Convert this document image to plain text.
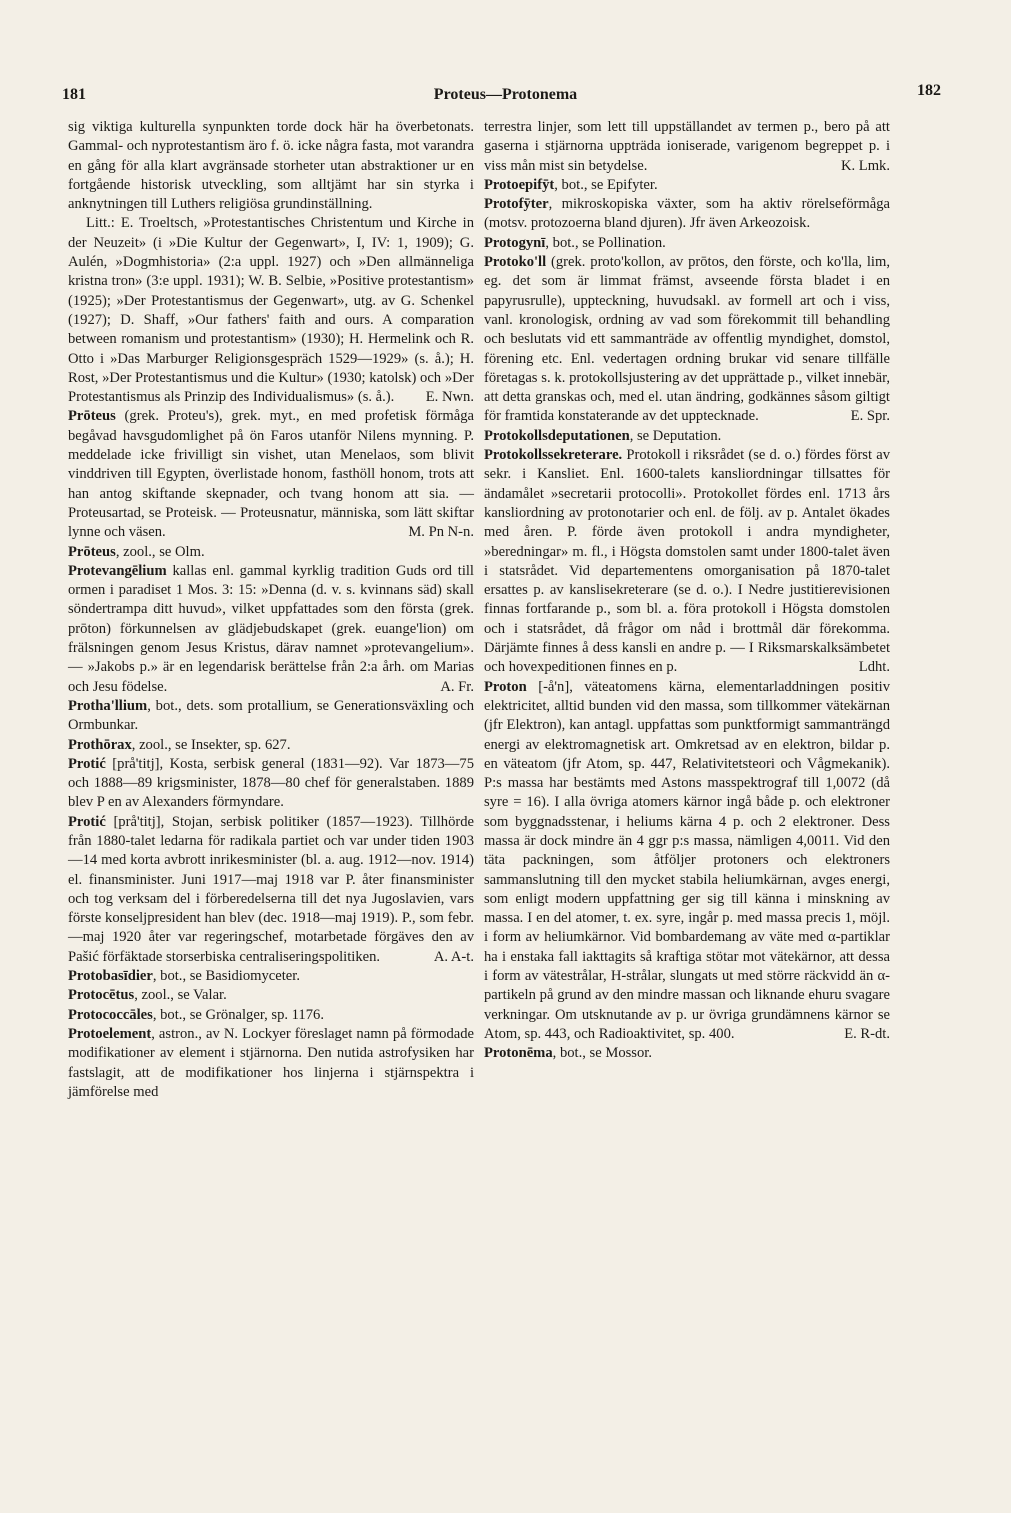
181	Proteus—Protonema	182

sig viktiga kulturella synpunkten torde dock här ha överbetonats. Gammal- och nyprotestantism äro f. ö. icke några fasta, mot varandra en gång för alla klart avgränsade storheter utan abstraktioner ur en fortgående historisk utveckling, som alltjämt har sin styrka i anknytningen till Luthers religiösa grundinställning.

Litt.: E. Troeltsch, »Protestantisches Christentum und Kirche in der Neuzeit» (i »Die Kultur der Gegenwart», I, IV: 1, 1909); G. Aulén, »Dogmhistoria» (2:a uppl. 1927) och »Den allmänneliga kristna tron» (3:e uppl. 1931); W. B. Selbie, »Positive protestantism» (1925); »Der Protestantismus der Gegenwart», utg. av G. Schenkel (1927); D. Shaff, »Our fathers' faith and ours. A comparation between romanism und protestantism» (1930); H. Hermelink och R. Otto i »Das Marburger Religionsgespräch 1529—1929» (s. å.); H. Rost, »Der Protestantismus und die Kultur» (1930; katolsk) och »Der Protestantismus als Prinzip des Individualismus» (s. å.).	E. Nwn.

Prōteus (grek. Proteu's), grek. myt., en med profetisk förmåga begåvad havsgudomlighet på ön Faros utanför Nilens mynning. P. meddelade icke frivilligt sin vishet, utan Menelaos, som blivit vinddriven till Egypten, överlistade honom, fasthöll honom, trots att han antog skiftande skepnader, och tvang honom att sia. — Proteusartad, se Proteisk. — Proteusnatur, människa, som lätt skiftar lynne och väsen.	M. Pn N-n.

Prōteus, zool., se Olm.

Protevangēlium kallas enl. gammal kyrklig tradition Guds ord till ormen i paradiset 1 Mos. 3: 15: »Denna (d. v. s. kvinnans säd) skall söndertrampa ditt huvud», vilket uppfattades som den första (grek. prōton) förkunnelsen av glädjebudskapet (grek. euange'lion) om frälsningen genom Jesus Kristus, därav namnet »protevangelium». — »Jakobs p.» är en legendarisk berättelse från 2:a årh. om Marias och Jesu födelse.	A. Fr.

Protha'llium, bot., dets. som protallium, se Generationsväxling och Ormbunkar.

Prothōrax, zool., se Insekter, sp. 627.

Protić [prå'titj], Kosta, serbisk general (1831—92). Var 1873—75 och 1888—89 krigsminister, 1878—80 chef för generalstaben. 1889 blev P en av Alexanders förmyndare.

Protić [prå'titj], Stojan, serbisk politiker (1857—1923). Tillhörde från 1880-talet ledarna för radikala partiet och var under tiden 1903—14 med korta avbrott inrikesminister (bl. a. aug. 1912—nov. 1914) el. finansminister. Juni 1917—maj 1918 var P. åter finansminister och tog verksam del i förberedelserna till det nya Jugoslavien, vars förste konseljpresident han blev (dec. 1918—maj 1919). P., som febr.—maj 1920 åter var regeringschef, motarbetade förgäves den av Pašić förfäktade storserbiska centraliseringspolitiken.	A. A-t.

Protobasīdier, bot., se Basidiomyceter.

Protocētus, zool., se Valar.

Protococcāles, bot., se Grönalger, sp. 1176.

Protoelement, astron., av N. Lockyer föreslaget namn på förmodade modifikationer av element i stjärnorna. Den nutida astrofysiken har fastslagit, att de modifikationer hos linjerna i stjärnspektra i jämförelse med

terrestra linjer, som lett till uppställandet av termen p., bero på att gaserna i stjärnorna uppträda ioniserade, varigenom begreppet p. i viss mån mist sin betydelse.	K. Lmk.

Protoepifȳt, bot., se Epifyter.

Protofȳter, mikroskopiska växter, som ha aktiv rörelseförmåga (motsv. protozoerna bland djuren). Jfr även Arkeozoisk.

Protogynī, bot., se Pollination.

Protoko'll (grek. proto'kollon, av prōtos, den förste, och ko'lla, lim, eg. det som är limmat främst, avseende första bladet i en papyrusrulle), uppteckning, huvudsakl. av formell art och i viss, vanl. kronologisk, ordning av vad som förekommit till behandling och beslutats vid ett sammanträde av offentlig myndighet, domstol, förening etc. Enl. vedertagen ordning brukar vid senare tillfälle företagas s. k. protokollsjustering av det upprättade p., vilket innebär, att detta granskas och, med el. utan ändring, godkännes såsom giltigt för framtida konstaterande av det upptecknade.	E. Spr.

Protokollsdeputationen, se Deputation.

Protokollssekreterare. Protokoll i riksrådet (se d. o.) fördes först av sekr. i Kansliet. Enl. 1600-talets kansliordningar tillsattes för ändamålet »secretarii protocolli». Protokollet fördes enl. 1713 års kansliordning av protonotarier och enl. de följ. av p. Antalet ökades med åren. P. förde även protokoll i andra myndigheter, »beredningar» m. fl., i Högsta domstolen samt under 1800-talet även i statsrådet. Vid departementens omorganisation på 1870-talet ersattes p. av kanslisekreterare (se d. o.). I Nedre justitierevisionen finnas fortfarande p., som bl. a. föra protokoll i Högsta domstolen och i statsrådet, då frågor om nåd i brottmål där förekomma. Därjämte finnes å dess kansli en andre p. — I Riksmarskalksämbetet och hovexpeditionen finnes en p.	Ldht.

Proton [-å'n], väteatomens kärna, elementarladdningen positiv elektricitet, alltid bunden vid den massa, som tillkommer vätekärnan (jfr Elektron), kan antagl. uppfattas som punktformigt sammanträngd energi av elektromagnetisk art. Omkretsad av en elektron, bildar p. en väteatom (jfr Atom, sp. 447, Relativitetsteori och Vågmekanik). P:s massa har bestämts med Astons masspektrograf till 1,0072 (då syre = 16). I alla övriga atomers kärnor ingå både p. och elektroner som byggnadsstenar, i heliums kärna 4 p. och 2 elektroner. Dess massa är dock mindre än 4 ggr p:s massa, nämligen 4,0011. Vid den täta packningen, som åtföljer protoners och elektroners sammanslutning till den mycket stabila heliumkärnan, avges energi, som enligt modern uppfattning ger sig till känna i minskning av massa. I en del atomer, t. ex. syre, ingår p. med massa precis 1, möjl. i form av heliumkärnor. Vid bombardemang av väte med α-partiklar ha i enstaka fall iakttagits så kraftiga stötar mot vätekärnor, att dessa i form av vätestrålar, H-strålar, slungats ut med större räckvidd än α-partikeln på grund av den mindre massan och liknande ehuru svagare verkningar. Om utsknutande av p. ur övriga grundämnens kärnor se Atom, sp. 443, och Radioaktivitet, sp. 400.	E. R-dt.

Protonēma, bot., se Mossor.
